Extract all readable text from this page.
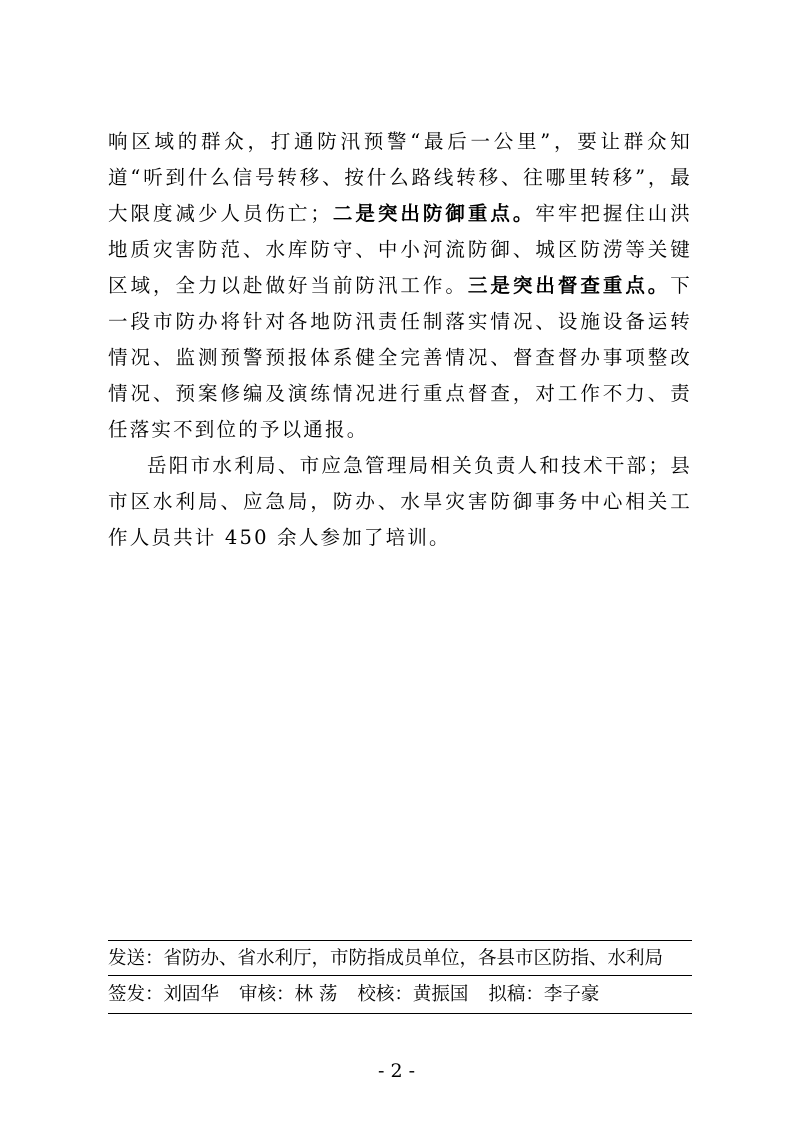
响区域的群众，打通防汛预警“最后一公里”，要让群众知道“听到什么信号转移、按什么路线转移、往哪里转移”，最大限度减少人员伤亡；二是突出防御重点。牢牢把握住山洪地质灾害防范、水库防守、中小河流防御、城区防涝等关键区域，全力以赴做好当前防汛工作。三是突出督查重点。下一段市防办将针对各地防汛责任制落实情况、设施设备运转情况、监测预警预报体系健全完善情况、督查督办事项整改情况、预案修编及演练情况进行重点督查，对工作不力、责任落实不到位的予以通报。

岳阳市水利局、市应急管理局相关负责人和技术干部；县市区水利局、应急局，防办、水旱灾害防御事务中心相关工作人员共计 450 余人参加了培训。

发送：省防办、省水利厅，市防指成员单位，各县市区防指、水利局
签发：刘固华 审核：林 荡 校核：黄振国 拟稿：李子豪
- 2 -
